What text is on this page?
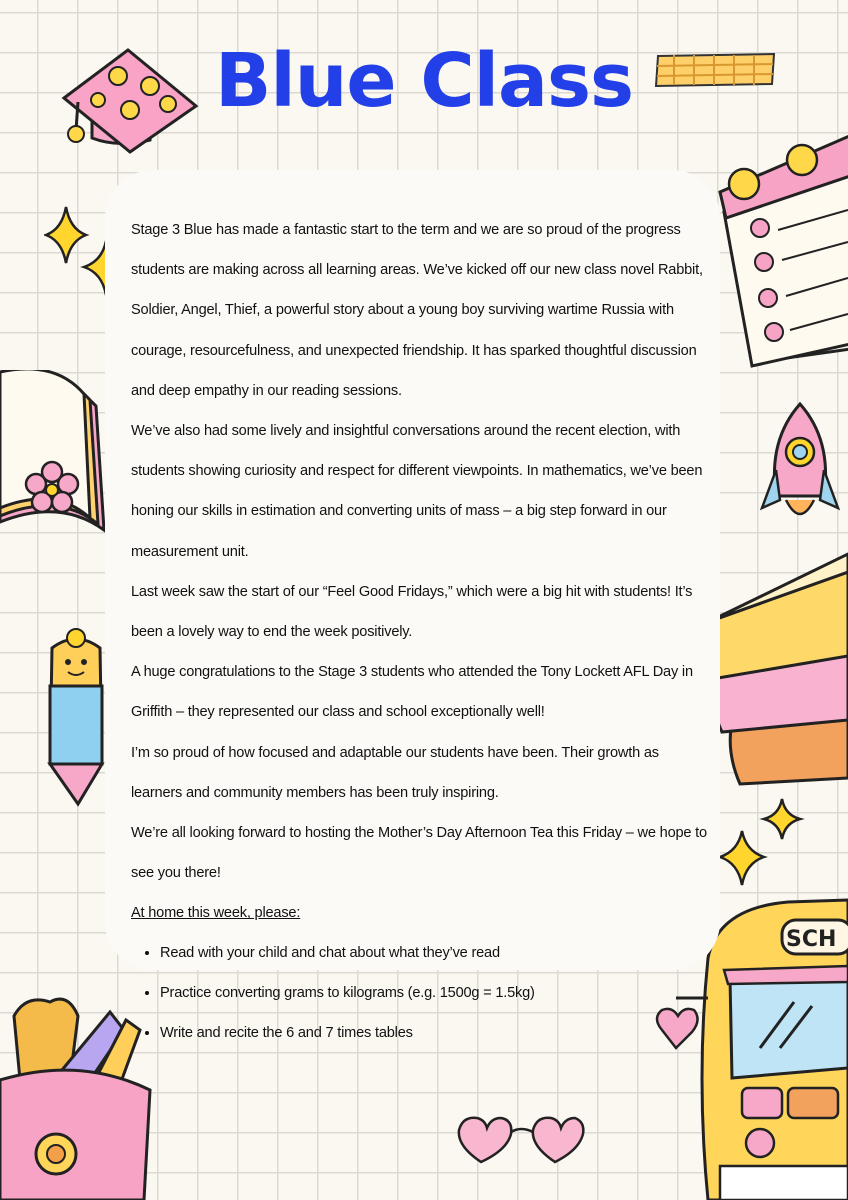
SCH
Blue Class

Stage 3 Blue has made a fantastic start to the term and we are so proud of the progress students are making across all learning areas. We’ve kicked off our new class novel Rabbit, Soldier, Angel, Thief, a powerful story about a young boy surviving wartime Russia with courage, resourcefulness, and unexpected friendship. It has sparked thoughtful discussion and deep empathy in our reading sessions.

We’ve also had some lively and insightful conversations around the recent election, with students showing curiosity and respect for different viewpoints. In mathematics, we’ve been honing our skills in estimation and converting units of mass – a big step forward in our measurement unit.

Last week saw the start of our “Feel Good Fridays,” which were a big hit with students! It’s been a lovely way to end the week positively.

A huge congratulations to the Stage 3 students who attended the Tony Lockett AFL Day in Griffith – they represented our class and school exceptionally well!

I’m so proud of how focused and adaptable our students have been. Their growth as learners and community members has been truly inspiring.

We’re all looking forward to hosting the Mother’s Day Afternoon Tea this Friday – we hope to see you there!

At home this week, please:

• Read with your child and chat about what they’ve read
• Practice converting grams to kilograms (e.g. 1500g = 1.5kg)
• Write and recite the 6 and 7 times tables
